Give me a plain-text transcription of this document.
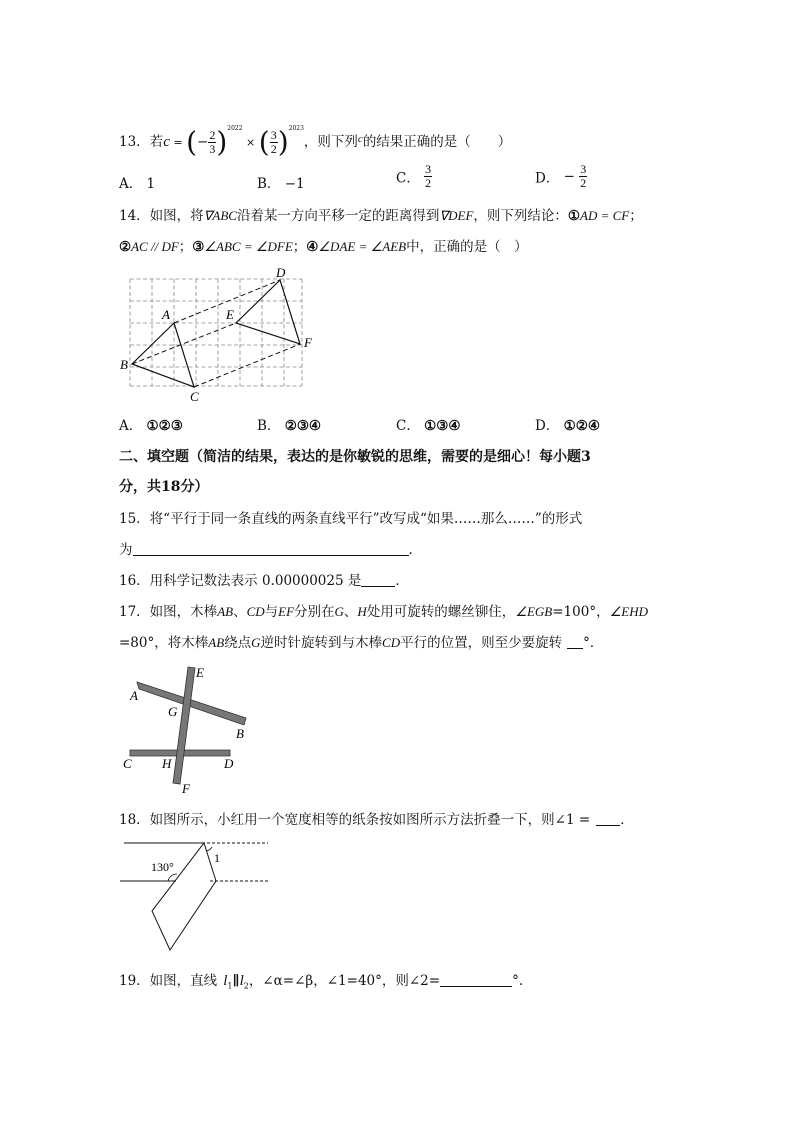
13．若c = (− $\frac{2}{3} )^{2022}$ × ( $\frac{3}{2} )^{2023}$，则下列$^c$的结果正确的是（　　）
A． 1	B． −1	C． $\frac{3}{2}$	D． − $\frac{3}{2}$
14．如图，将∇ABC沿着某一方向平移一定的距离得到∇DEF，则下列结论：①AD = CF；
②AC // DF；③∠ABC = ∠DFE；④∠DAE = ∠AEB中，正确的是（　）
A
B
C
D
E
F
A． ①②③	B． ②③④	C． ①③④	D． ①②④
二、填空题（简洁的结果，表达的是你敏锐的思维，需要的是细心！每小题3
分，共18分）
15．将“平行于同一条直线的两条直线平行”改写成“如果……那么……”的形式
为	.
16．用科学记数法表示 0.00000025 是	．
17．如图，木棒AB、CD与EF分别在G、H处用可旋转的螺丝铆住，∠EGB=100°，∠EHD
=80°，将木棒AB绕点G逆时针旋转到与木棒CD平行的位置，则至少要旋转 °．
E
A
G
B
C H	D
F
18．如图所示，小红用一个宽度相等的纸条按如图所示方法折叠一下，则∠1 = ．
130°
1
19．如图，直线 $l_1\parallel l_2$，∠α=∠β，∠1=40°，则∠2=	°.
